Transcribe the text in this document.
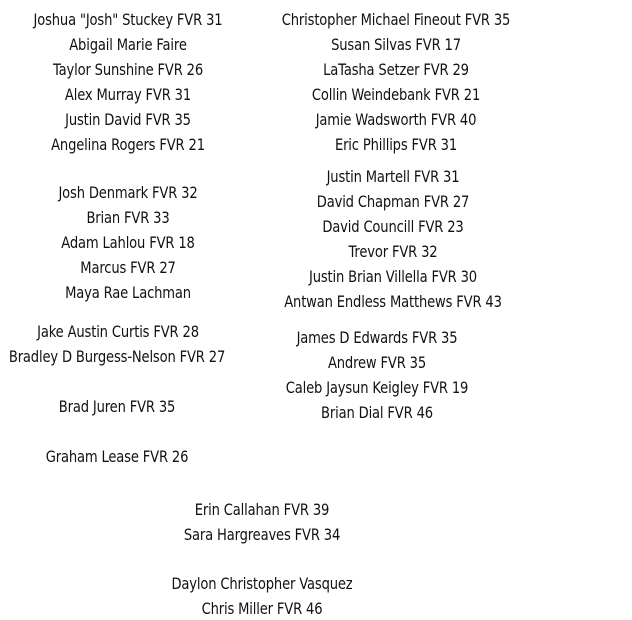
Joshua "Josh" Stuckey FVR 31
Abigail Marie Faire
Taylor Sunshine FVR 26
Alex Murray FVR 31
Justin David FVR 35
Angelina Rogers FVR 21
Josh Denmark FVR 32
Brian FVR 33
Adam Lahlou FVR 18
Marcus FVR 27
Maya Rae Lachman
Jake Austin Curtis FVR 28
Bradley D Burgess-Nelson FVR 27
Brad Juren FVR 35
Graham Lease FVR 26
Christopher Michael Fineout FVR 35
Susan Silvas FVR 17
LaTasha Setzer FVR 29
Collin Weindebank FVR 21
Jamie Wadsworth FVR 40
Eric Phillips FVR 31
Justin Martell FVR 31
David Chapman FVR 27
David Councill FVR 23
Trevor FVR 32
Justin Brian Villella FVR 30
Antwan Endless Matthews FVR 43
James D Edwards FVR 35
Andrew FVR 35
Caleb Jaysun Keigley FVR 19
Brian Dial FVR 46
Erin Callahan FVR 39
Sara Hargreaves FVR 34
Daylon Christopher Vasquez
Chris Miller FVR 46
